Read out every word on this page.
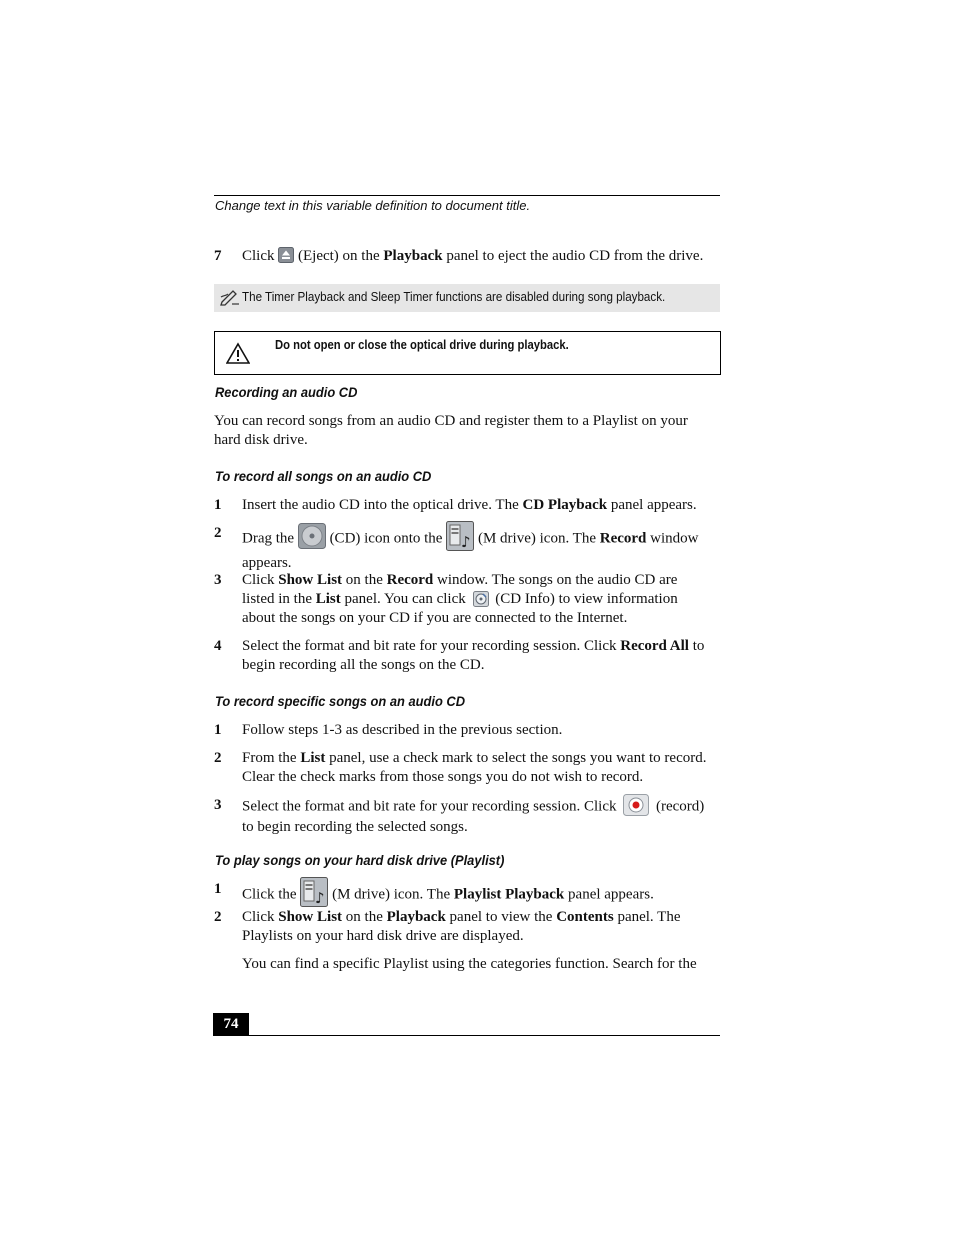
Change text in this variable definition to document title.
7	Click (Eject) on the Playback panel to eject the audio CD from the drive.
The Timer Playback and Sleep Timer functions are disabled during song playback.
Do not open or close the optical drive during playback.
Recording an audio CD
You can record songs from an audio CD and register them to a Playlist on your
hard disk drive.
To record all songs on an audio CD
1	Insert the audio CD into the optical drive. The CD Playback panel appears.
2	Drag the (CD) icon onto the ♪ (M drive) icon. The Record window
appears.
3	Click Show List on the Record window. The songs on the audio CD are
listed in the List panel. You can click (CD Info) to view information
about the songs on your CD if you are connected to the Internet.
4	Select the format and bit rate for your recording session. Click Record All to
begin recording all the songs on the CD.
To record specific songs on an audio CD
1	Follow steps 1-3 as described in the previous section.
2	From the List panel, use a check mark to select the songs you want to record.
Clear the check marks from those songs you do not wish to record.
3	Select the format and bit rate for your recording session. Click	(record)
to begin recording the selected songs.
To play songs on your hard disk drive (Playlist)
1	Click the ♪ (M drive) icon. The Playlist Playback panel appears.
2	Click Show List on the Playback panel to view the Contents panel. The
Playlists on your hard disk drive are displayed.
You can find a specific Playlist using the categories function. Search for the
74
